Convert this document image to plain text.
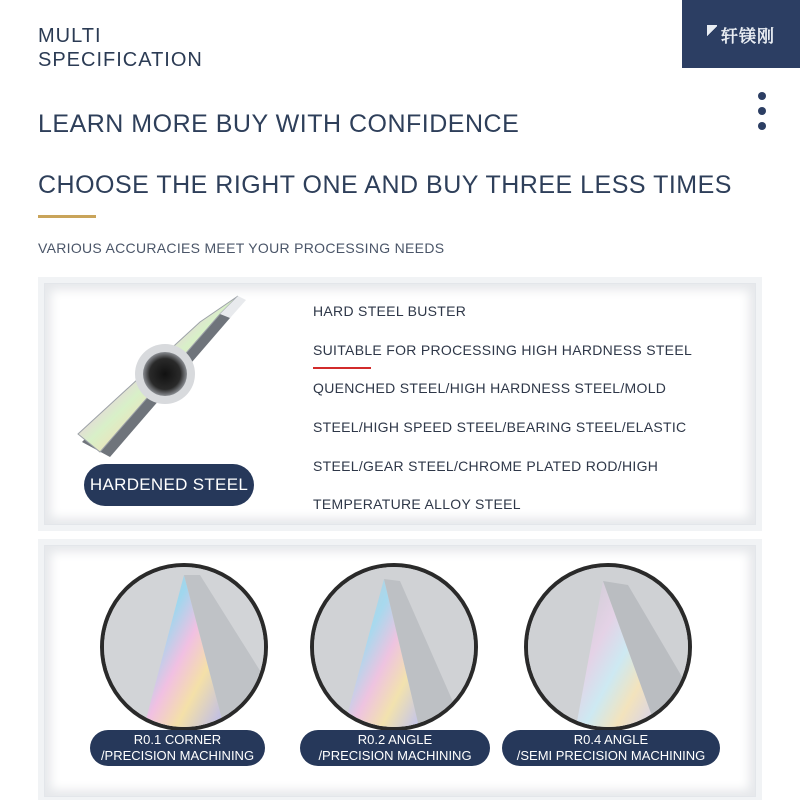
MULTI
SPECIFICATION
轩镁刚
LEARN MORE BUY WITH CONFIDENCE
CHOOSE THE RIGHT ONE AND BUY THREE LESS TIMES
VARIOUS ACCURACIES MEET YOUR PROCESSING NEEDS
HARDENED STEEL
HARD STEEL BUSTER
SUITABLE FOR PROCESSING HIGH HARDNESS STEEL
QUENCHED STEEL/HIGH HARDNESS STEEL/MOLD
STEEL/HIGH SPEED STEEL/BEARING STEEL/ELASTIC
STEEL/GEAR STEEL/CHROME PLATED ROD/HIGH
TEMPERATURE ALLOY STEEL
R0.1 CORNER
/PRECISION MACHINING
R0.2 ANGLE
/PRECISION MACHINING
R0.4 ANGLE
/SEMI PRECISION MACHINING
